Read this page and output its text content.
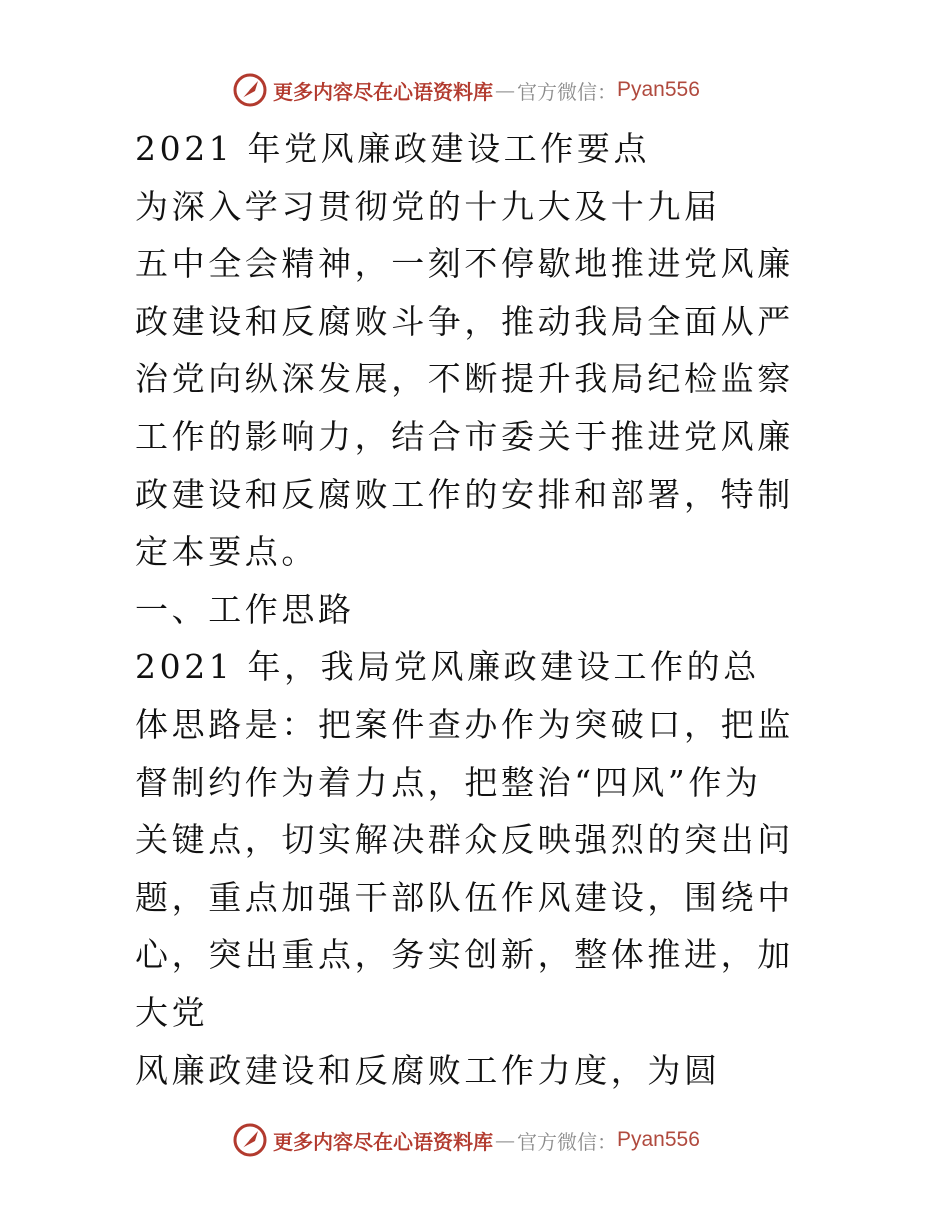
更多内容尽在心语资料库 — 官方微信： Pyan556
2021 年党风廉政建设工作要点
为深入学习贯彻党的十九大及十九届
五中全会精神，一刻不停歇地推进党风廉
政建设和反腐败斗争，推动我局全面从严
治党向纵深发展，不断提升我局纪检监察
工作的影响力，结合市委关于推进党风廉
政建设和反腐败工作的安排和部署，特制
定本要点。
一、工作思路
2021 年，我局党风廉政建设工作的总
体思路是：把案件查办作为突破口，把监
督制约作为着力点，把整治“四风”作为
关键点，切实解决群众反映强烈的突出问
题，重点加强干部队伍作风建设，围绕中
心，突出重点，务实创新，整体推进，加
大党
风廉政建设和反腐败工作力度，为圆
更多内容尽在心语资料库 — 官方微信： Pyan556
